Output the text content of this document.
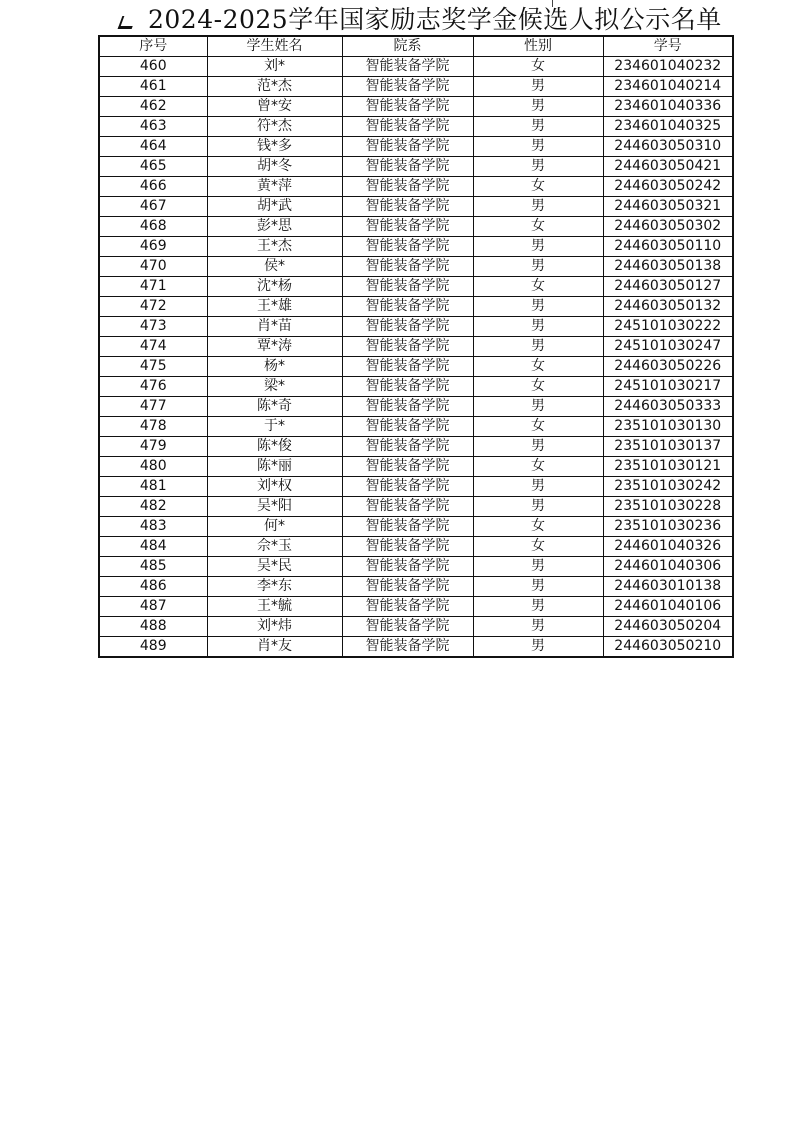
2024-2025学年国家励志奖学金候选人拟公示名单
序号	学生姓名	院系	性别	学号
460	刘*	智能装备学院	女	234601040232
461	范*杰	智能装备学院	男	234601040214
462	曾*安	智能装备学院	男	234601040336
463	符*杰	智能装备学院	男	234601040325
464	钱*多	智能装备学院	男	244603050310
465	胡*冬	智能装备学院	男	244603050421
466	黄*萍	智能装备学院	女	244603050242
467	胡*武	智能装备学院	男	244603050321
468	彭*思	智能装备学院	女	244603050302
469	王*杰	智能装备学院	男	244603050110
470	侯*	智能装备学院	男	244603050138
471	沈*杨	智能装备学院	女	244603050127
472	王*雄	智能装备学院	男	244603050132
473	肖*苗	智能装备学院	男	245101030222
474	覃*涛	智能装备学院	男	245101030247
475	杨*	智能装备学院	女	244603050226
476	梁*	智能装备学院	女	245101030217
477	陈*奇	智能装备学院	男	244603050333
478	于*	智能装备学院	女	235101030130
479	陈*俊	智能装备学院	男	235101030137
480	陈*丽	智能装备学院	女	235101030121
481	刘*权	智能装备学院	男	235101030242
482	吴*阳	智能装备学院	男	235101030228
483	何*	智能装备学院	女	235101030236
484	佘*玉	智能装备学院	女	244601040326
485	吴*民	智能装备学院	男	244601040306
486	李*东	智能装备学院	男	244603010138
487	王*毓	智能装备学院	男	244601040106
488	刘*炜	智能装备学院	男	244603050204
489	肖*友	智能装备学院	男	244603050210
